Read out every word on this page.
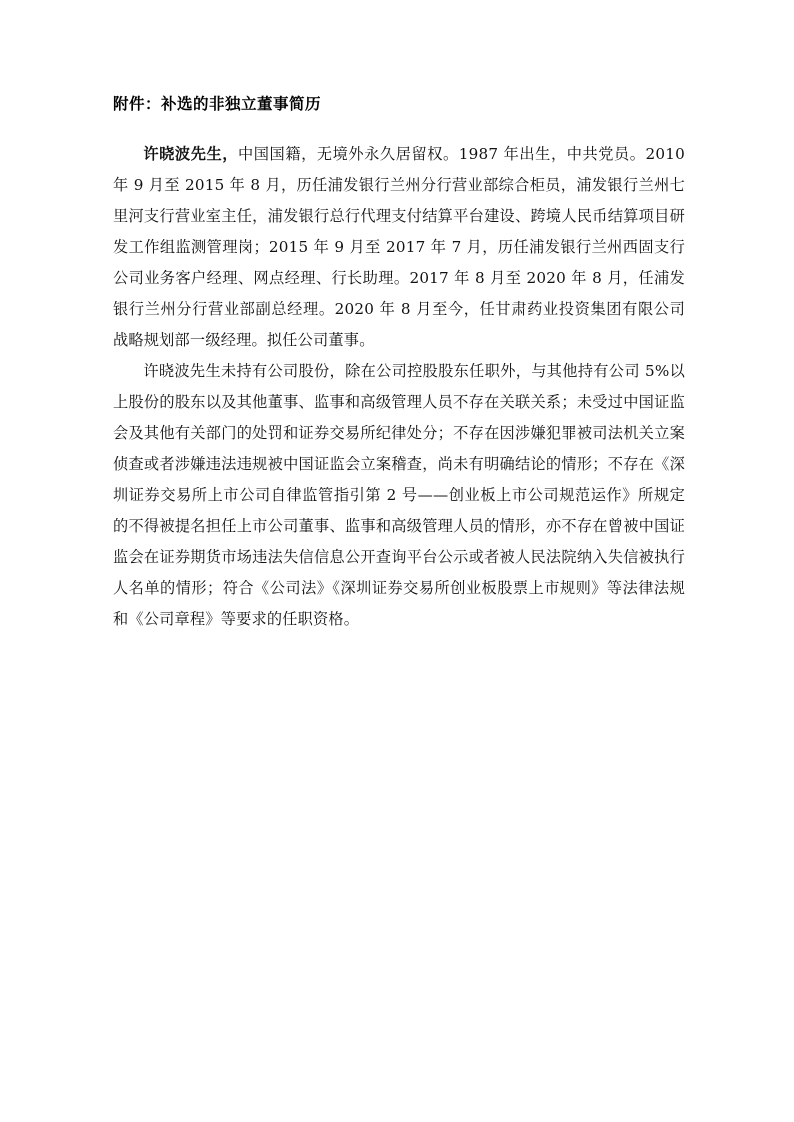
附件：补选的非独立董事简历

许晓波先生，中国国籍，无境外永久居留权。1987 年出生，中共党员。2010 年 9 月至 2015 年 8 月，历任浦发银行兰州分行营业部综合柜员，浦发银行兰州七里河支行营业室主任，浦发银行总行代理支付结算平台建设、跨境人民币结算项目研发工作组监测管理岗；2015 年 9 月至 2017 年 7 月，历任浦发银行兰州西固支行公司业务客户经理、网点经理、行长助理。2017 年 8 月至 2020 年 8 月，任浦发银行兰州分行营业部副总经理。2020 年 8 月至今，任甘肃药业投资集团有限公司战略规划部一级经理。拟任公司董事。

许晓波先生未持有公司股份，除在公司控股股东任职外，与其他持有公司 5%以上股份的股东以及其他董事、监事和高级管理人员不存在关联关系；未受过中国证监会及其他有关部门的处罚和证券交易所纪律处分；不存在因涉嫌犯罪被司法机关立案侦查或者涉嫌违法违规被中国证监会立案稽查，尚未有明确结论的情形；不存在《深圳证券交易所上市公司自律监管指引第 2 号——创业板上市公司规范运作》所规定的不得被提名担任上市公司董事、监事和高级管理人员的情形，亦不存在曾被中国证监会在证券期货市场违法失信信息公开查询平台公示或者被人民法院纳入失信被执行人名单的情形；符合《公司法》《深圳证券交易所创业板股票上市规则》等法律法规和《公司章程》等要求的任职资格。
